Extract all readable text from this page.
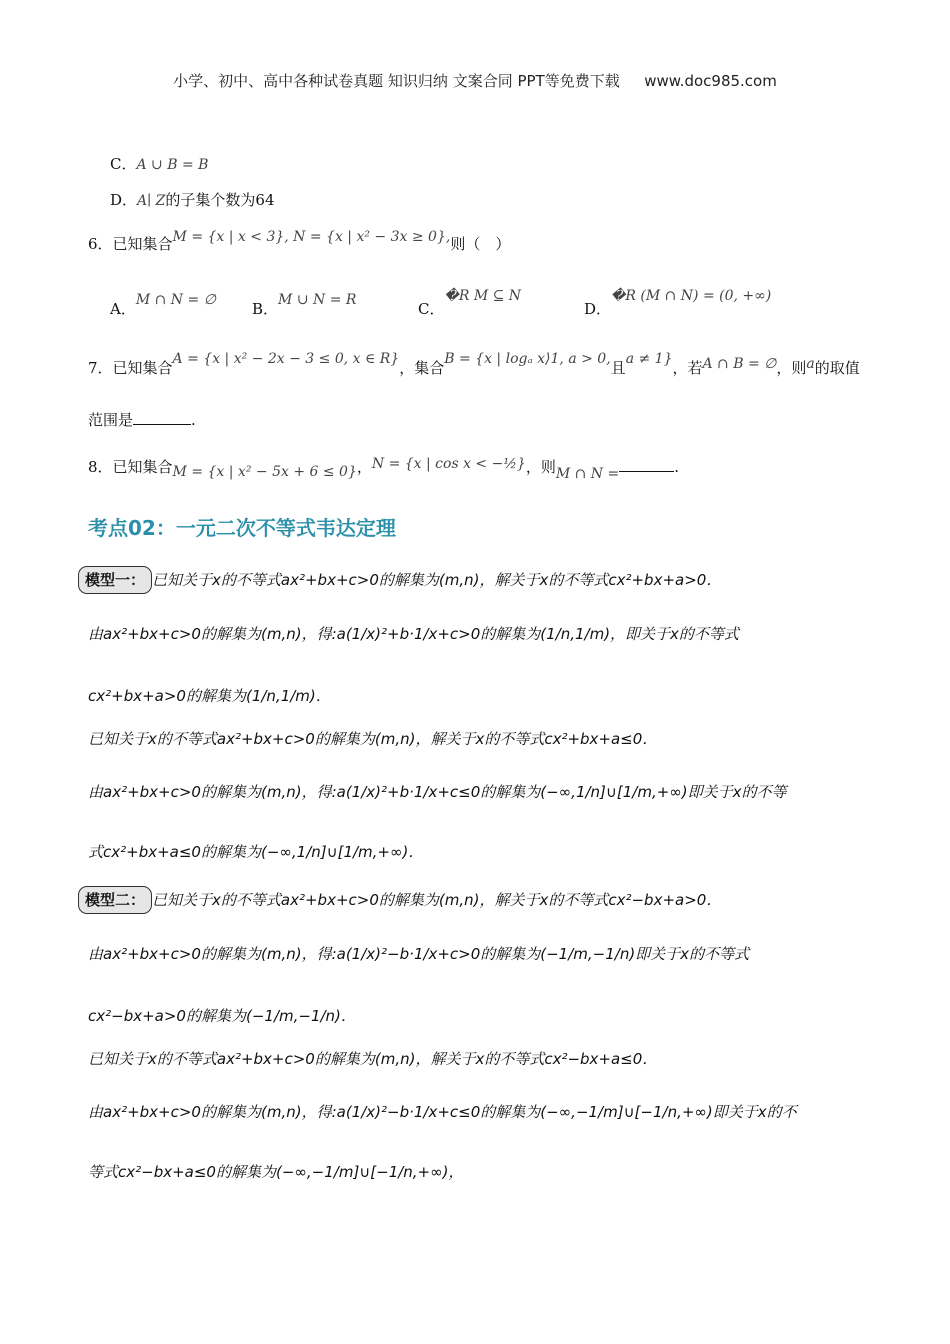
小学、初中、高中各种试卷真题 知识归纳 文案合同 PPT等免费下载 　 www.doc985.com
C．A ∪ B = B
D．A∣ Z的子集个数为64
6．已知集合M = {x | x < 3}, N = {x | x² − 3x ≥ 0},则（　）
A．M ∩ N = ∅ B．M ∪ N = R	C．�R M ⊆ N
D．�R (M ∩ N) = (0, +∞)
7．已知集合A = {x | x² − 2x − 3 ≤ 0, x ∈ R}，集合B = {x | logₐ x⟩1, a > 0,且a ≠ 1}，若A ∩ B = ∅，则a的取值
范围是	.
8．已知集合M = {x | x² − 5x + 6 ≤ 0}，N = {x | cos x < −½}，则M ∩ N =	.
考点02：一元二次不等式韦达定理
模型一： 已知关于x的不等式ax²+bx+c>0的解集为(m,n)，解关于x的不等式cx²+bx+a>0．
由ax²+bx+c>0的解集为(m,n)，得:a(1/x)²+b·1/x+c>0的解集为(1/n,1/m)，即关于x的不等式
cx²+bx+a>0的解集为(1/n,1/m)．
已知关于x的不等式ax²+bx+c>0的解集为(m,n)，解关于x的不等式cx²+bx+a≤0．
由ax²+bx+c>0的解集为(m,n)，得:a(1/x)²+b·1/x+c≤0的解集为(−∞,1/n]∪[1/m,+∞)即关于x的不等
式cx²+bx+a≤0的解集为(−∞,1/n]∪[1/m,+∞)．
模型二： 已知关于x的不等式ax²+bx+c>0的解集为(m,n)，解关于x的不等式cx²−bx+a>0．
由ax²+bx+c>0的解集为(m,n)，得:a(1/x)²−b·1/x+c>0的解集为(−1/m,−1/n)即关于x的不等式
cx²−bx+a>0的解集为(−1/m,−1/n)．
已知关于x的不等式ax²+bx+c>0的解集为(m,n)，解关于x的不等式cx²−bx+a≤0．
由ax²+bx+c>0的解集为(m,n)，得:a(1/x)²−b·1/x+c≤0的解集为(−∞,−1/m]∪[−1/n,+∞)即关于x的不
等式cx²−bx+a≤0的解集为(−∞,−1/m]∪[−1/n,+∞)，
